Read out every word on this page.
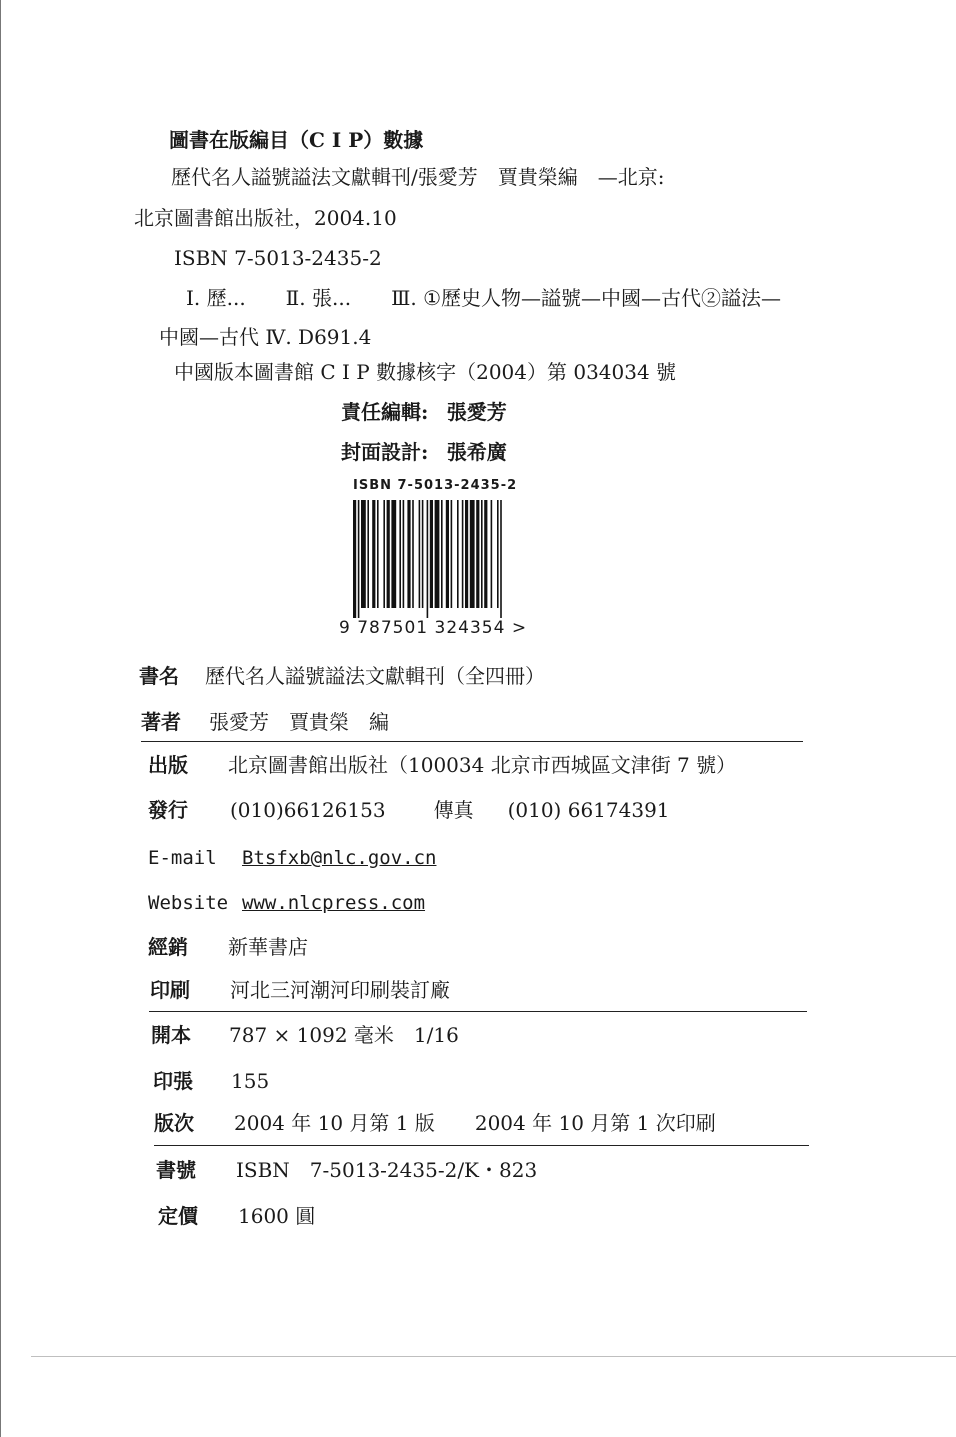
圖書在版編目（C I P）數據
歷代名人謚號謚法文獻輯刊/張愛芳　賈貴榮編　—北京:
北京圖書館出版社，2004.10
ISBN 7-5013-2435-2
Ⅰ. 歷...　　Ⅱ. 張...　　Ⅲ. ①歷史人物—謚號—中國—古代②謚法—
中國—古代 Ⅳ. D691.4
中國版本圖書館 C I P 數據核字（2004）第 034034 號
責任編輯: 張愛芳
封面設計: 張希廣
ISBN 7-5013-2435-2
9 787501 324354 >
書名 歷代名人謚號謚法文獻輯刊（全四冊）
著者 張愛芳　賈貴榮　編
出版 北京圖書館出版社（100034 北京市西城區文津街 7 號）
發行 (010)66126153 傳真 (010) 66174391
E-mail Btsfxb@nlc.gov.cn
Website www.nlcpress.com
經銷 新華書店
印刷 河北三河潮河印刷裝訂廠
開本 787 × 1092 毫米　1/16
印張 155
版次 2004 年 10 月第 1 版　　2004 年 10 月第 1 次印刷
書號 ISBN　7-5013-2435-2/K・823
定價 1600 圓
